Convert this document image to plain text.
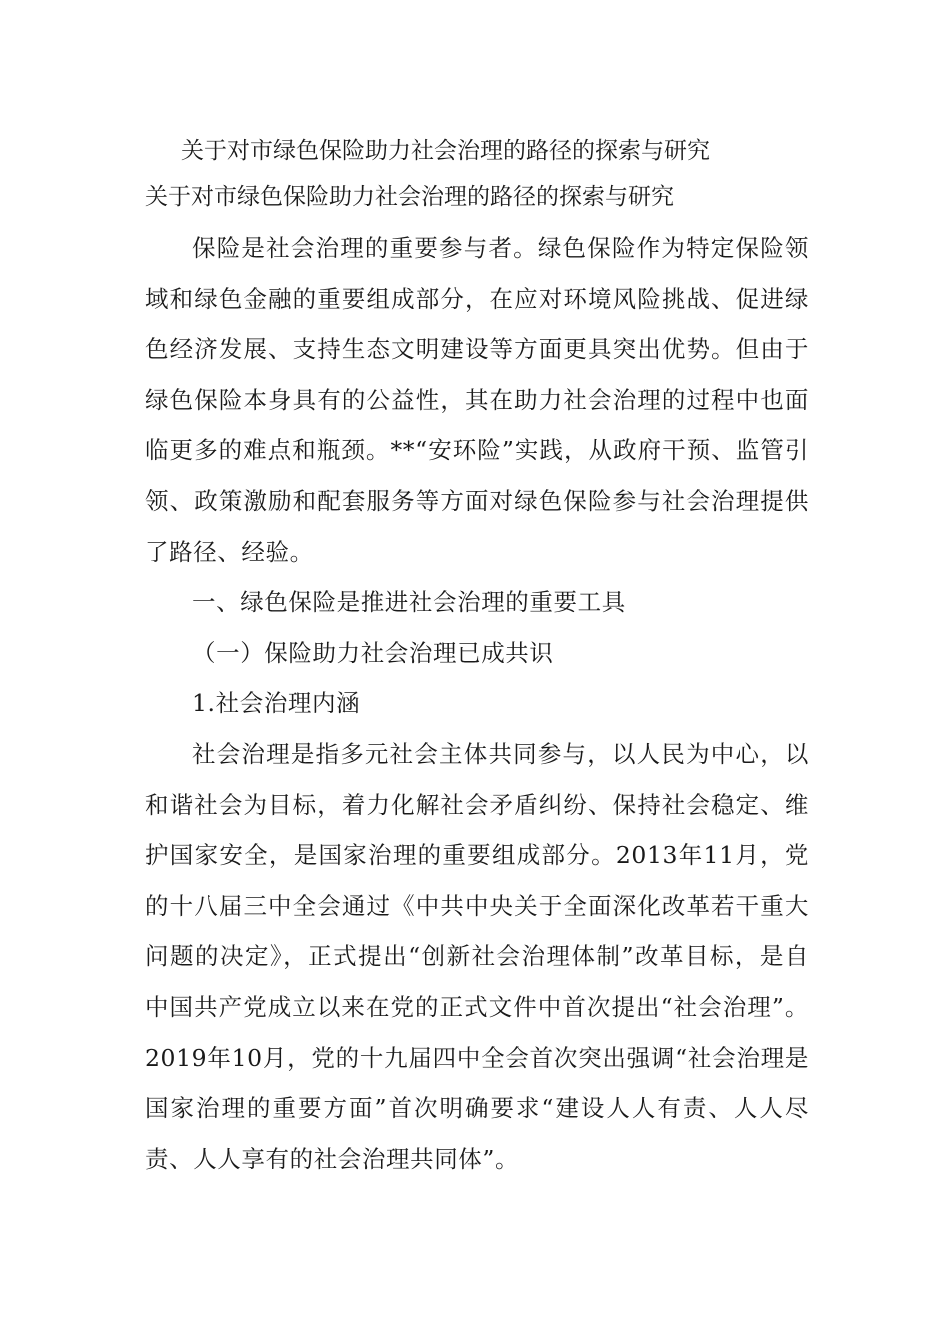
关于对市绿色保险助力社会治理的路径的探索与研究
关于对市绿色保险助力社会治理的路径的探索与研究

保险是社会治理的重要参与者。绿色保险作为特定保险领域和绿色金融的重要组成部分，在应对环境风险挑战、促进绿色经济发展、支持生态文明建设等方面更具突出优势。但由于绿色保险本身具有的公益性，其在助力社会治理的过程中也面临更多的难点和瓶颈。**“安环险”实践，从政府干预、监管引领、政策激励和配套服务等方面对绿色保险参与社会治理提供了路径、经验。

一、绿色保险是推进社会治理的重要工具

（一）保险助力社会治理已成共识

1.社会治理内涵

社会治理是指多元社会主体共同参与，以人民为中心，以和谐社会为目标，着力化解社会矛盾纠纷、保持社会稳定、维护国家安全，是国家治理的重要组成部分。2013年11月，党的十八届三中全会通过《中共中央关于全面深化改革若干重大问题的决定》，正式提出“创新社会治理体制”改革目标，是自中国共产党成立以来在党的正式文件中首次提出“社会治理”。2019年10月，党的十九届四中全会首次突出强调“社会治理是国家治理的重要方面”首次明确要求“建设人人有责、人人尽责、人人享有的社会治理共同体”。
